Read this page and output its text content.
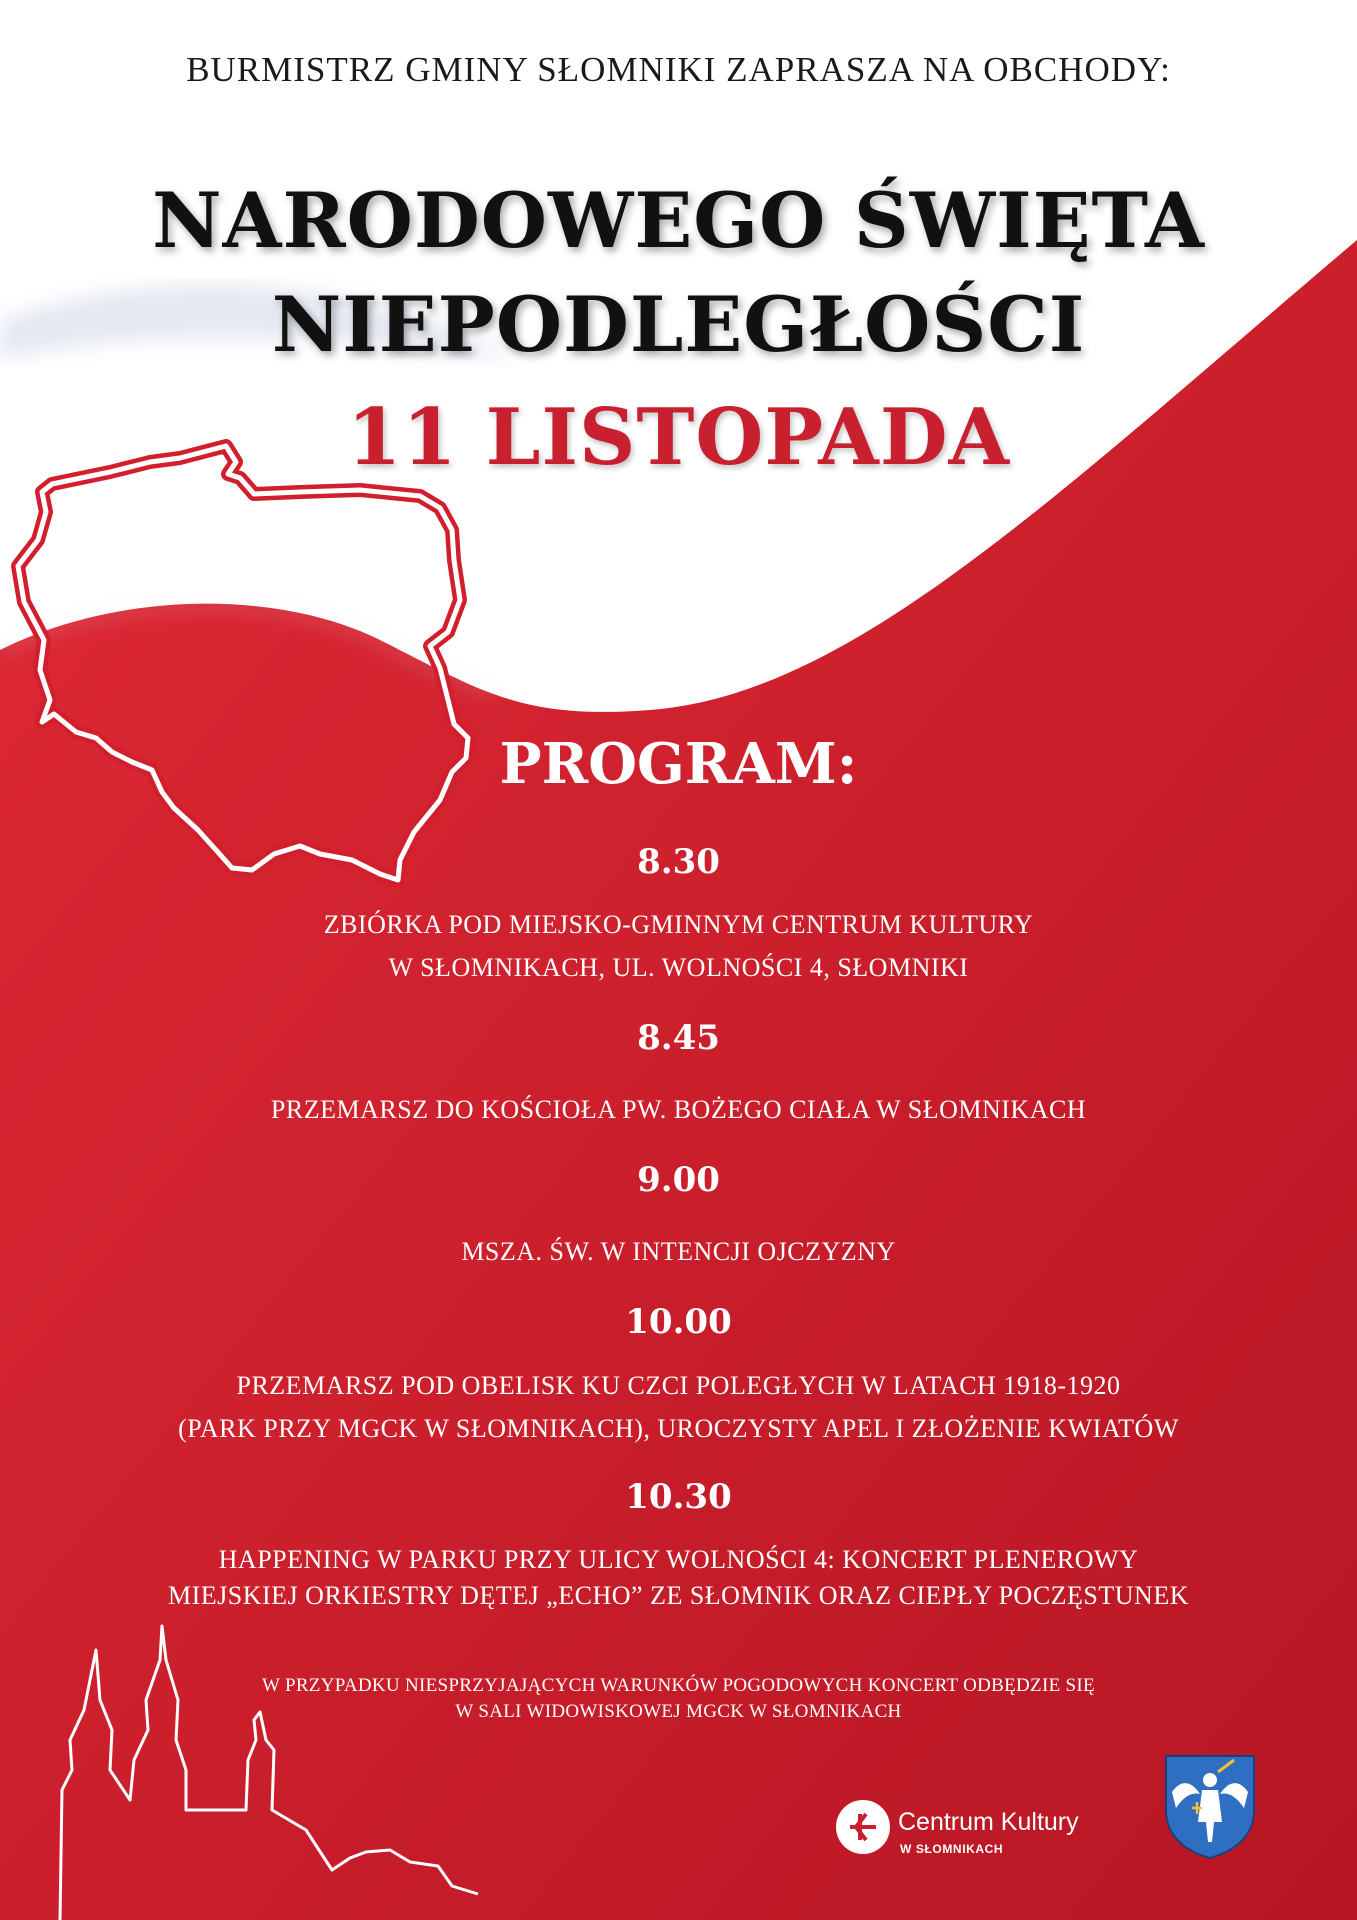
BURMISTRZ GMINY SŁOMNIKI ZAPRASZA NA OBCHODY:

NARODOWEGO ŚWIĘTA

NIEPODLEGŁOŚCI

11 LISTOPADA

PROGRAM:

8.30

ZBIÓRKA POD MIEJSKO-GMINNYM CENTRUM KULTURY

W SŁOMNIKACH, UL. WOLNOŚCI 4, SŁOMNIKI

8.45

PRZEMARSZ DO KOŚCIOŁA PW. BOŻEGO CIAŁA W SŁOMNIKACH

9.00

MSZA. ŚW. W INTENCJI OJCZYZNY

10.00

PRZEMARSZ POD OBELISK KU CZCI POLEGŁYCH W LATACH 1918-1920

(PARK PRZY MGCK W SŁOMNIKACH), UROCZYSTY APEL I ZŁOŻENIE KWIATÓW

10.30

HAPPENING W PARKU PRZY ULICY WOLNOŚCI 4: KONCERT PLENEROWY

MIEJSKIEJ ORKIESTRY DĘTEJ „ECHO” ZE SŁOMNIK ORAZ CIEPŁY POCZĘSTUNEK

W PRZYPADKU NIESPRZYJAJĄCYCH WARUNKÓW POGODOWYCH KONCERT ODBĘDZIE SIĘ

W SALI WIDOWISKOWEJ MGCK W SŁOMNIKACH

Centrum Kultury
W SŁOMNIKACH
